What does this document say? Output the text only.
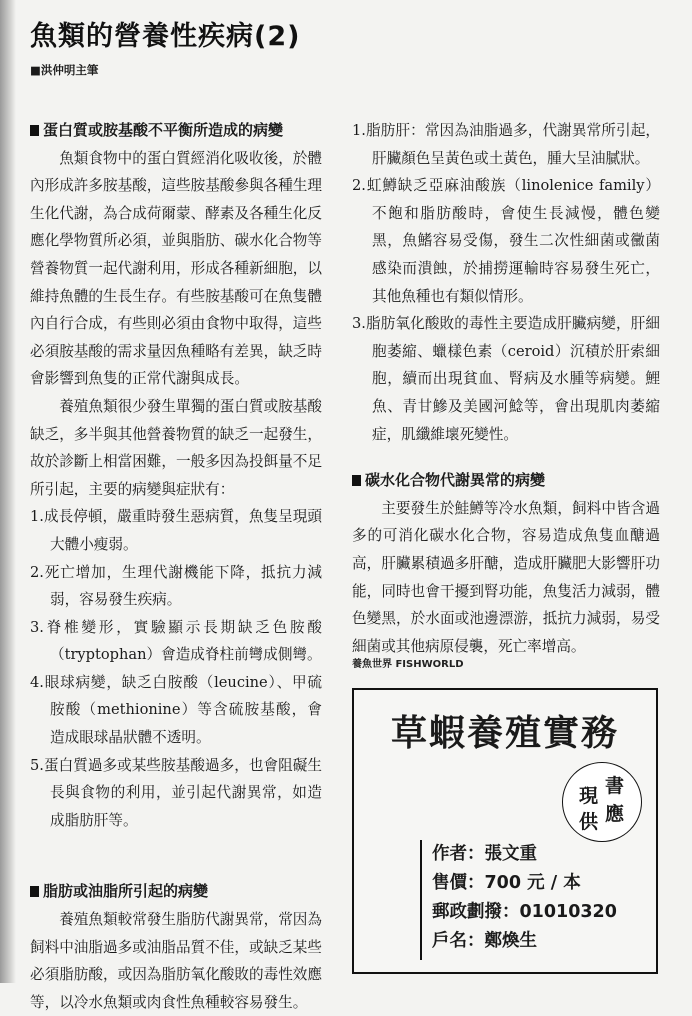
魚類的營養性疾病(2)
■洪仲明主筆

蛋白質或胺基酸不平衡所造成的病變

魚類食物中的蛋白質經消化吸收後，於體內形成許多胺基酸，這些胺基酸參與各種生理生化代謝，為合成荷爾蒙、酵素及各種生化反應化學物質所必須，並與脂肪、碳水化合物等營養物質一起代謝利用，形成各種新細胞，以維持魚體的生長生存。有些胺基酸可在魚隻體內自行合成，有些則必須由食物中取得，這些必須胺基酸的需求量因魚種略有差異，缺乏時會影響到魚隻的正常代謝與成長。

養殖魚類很少發生單獨的蛋白質或胺基酸缺乏，多半與其他營養物質的缺乏一起發生，故於診斷上相當困難，一般多因為投餌量不足所引起，主要的病變與症狀有：

1.成長停頓，嚴重時發生惡病質，魚隻呈現頭大體小瘦弱。

2.死亡增加，生理代謝機能下降，抵抗力減弱，容易發生疾病。

3.脊椎變形，實驗顯示長期缺乏色胺酸（tryptophan）會造成脊柱前彎成側彎。

4.眼球病變，缺乏白胺酸（leucine）、甲硫胺酸（methionine）等含硫胺基酸，會造成眼球晶狀體不透明。

5.蛋白質過多或某些胺基酸過多，也會阻礙生長與食物的利用，並引起代謝異常，如造成脂肪肝等。

脂肪或油脂所引起的病變

養殖魚類較常發生脂肪代謝異常，常因為飼料中油脂過多或油脂品質不佳，或缺乏某些必須脂肪酸，或因為脂肪氧化酸敗的毒性效應等，以冷水魚類或肉食性魚種較容易發生。

1.脂肪肝：常因為油脂過多，代謝異常所引起，肝臟顏色呈黃色或土黃色，腫大呈油膩狀。

2.虹鱒缺乏亞麻油酸族（linolenice family）不飽和脂肪酸時，會使生長減慢，體色變黑，魚鰭容易受傷，發生二次性細菌或黴菌感染而潰蝕，於捕撈運輸時容易發生死亡，其他魚種也有類似情形。

3.脂肪氧化酸敗的毒性主要造成肝臟病變，肝細胞萎縮、蠟樣色素（ceroid）沉積於肝索細胞，續而出現貧血、腎病及水腫等病變。鯉魚、青甘鰺及美國河鯰等，會出現肌肉萎縮症，肌纖維壞死變性。

碳水化合物代謝異常的病變

主要發生於鮭鱒等冷水魚類，飼料中皆含過多的可消化碳水化合物，容易造成魚隻血醣過高，肝臟累積過多肝醣，造成肝臟肥大影響肝功能，同時也會干擾到腎功能，魚隻活力減弱，體色變黑，於水面或池邊漂游，抵抗力減弱，易受細菌或其他病原侵襲，死亡率增高。

養魚世界 FISHWORLD
草蝦養殖實務
書
現
供 應
作者：張文重
售價：700 元 / 本
郵政劃撥：01010320
戶名：鄭煥生
